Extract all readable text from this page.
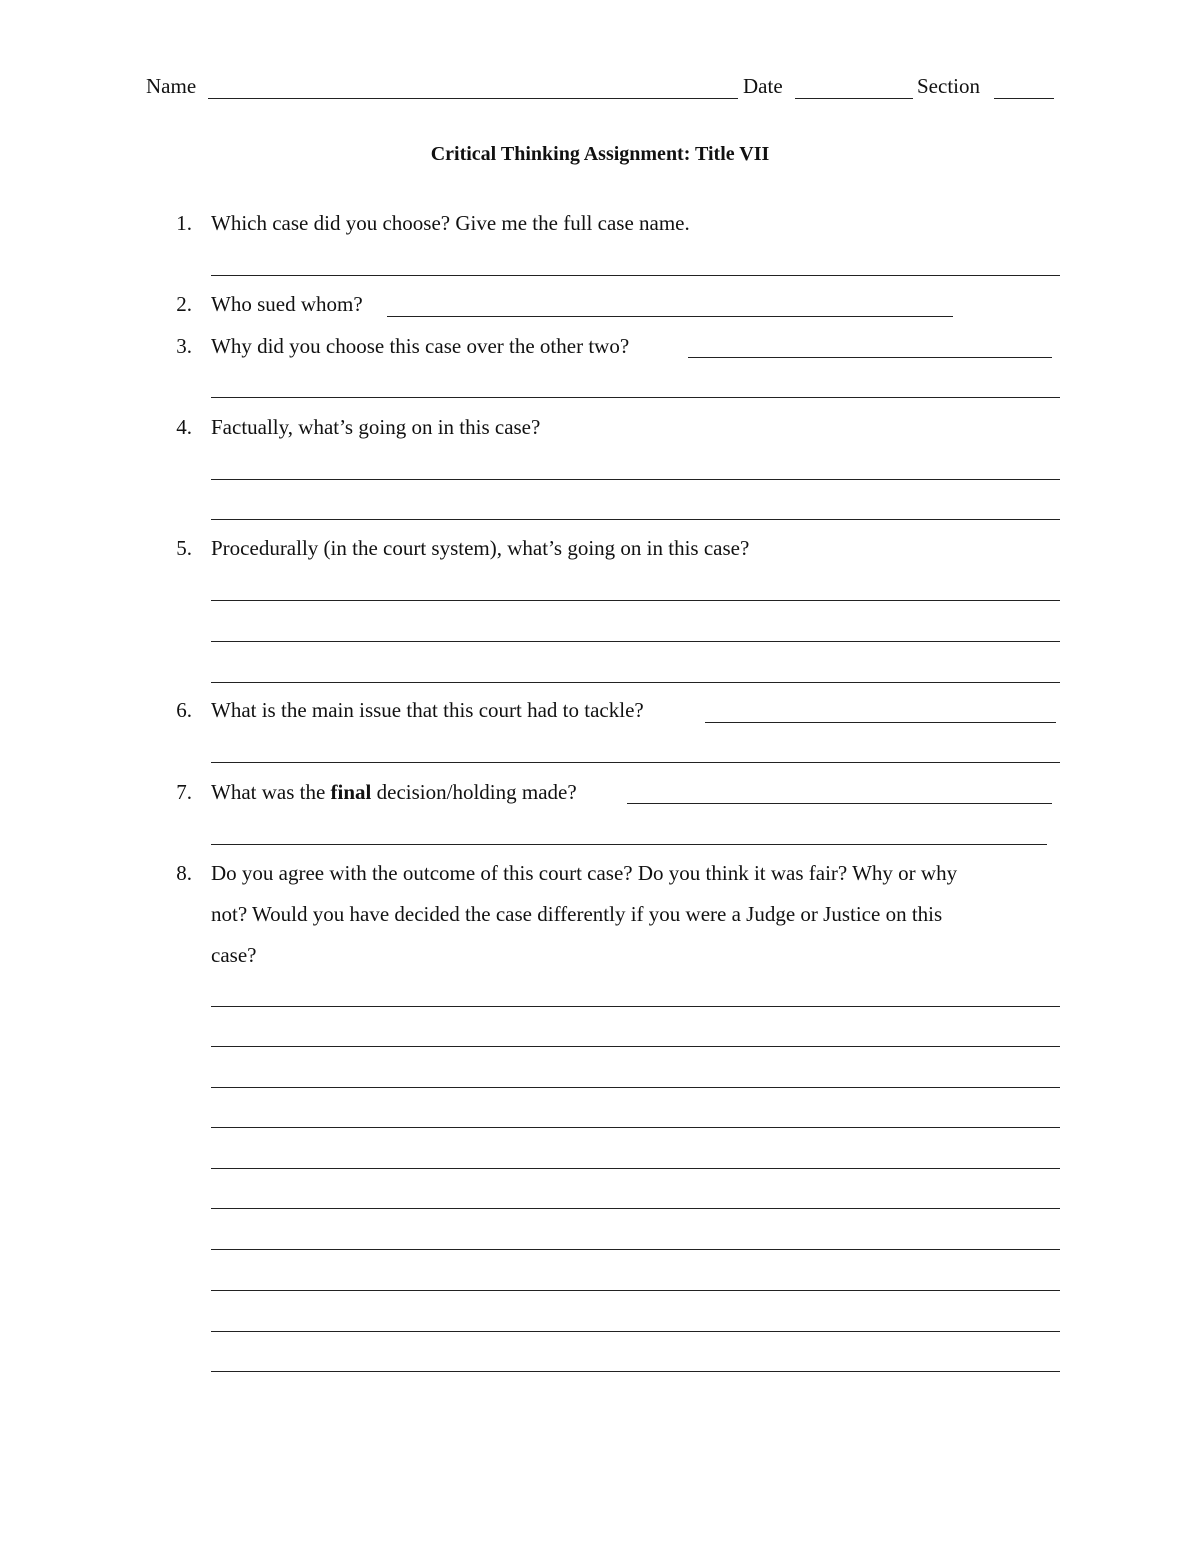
Name	Date	Section
Critical Thinking Assignment: Title VII
1. Which case did you choose? Give me the full case name.
2. Who sued whom?
3. Why did you choose this case over the other two?
4. Factually, what’s going on in this case?
5. Procedurally (in the court system), what’s going on in this case?
6. What is the main issue that this court had to tackle?
7. What was the final decision/holding made?
8. Do you agree with the outcome of this court case? Do you think it was fair? Why or why
not? Would you have decided the case differently if you were a Judge or Justice on this
case?
